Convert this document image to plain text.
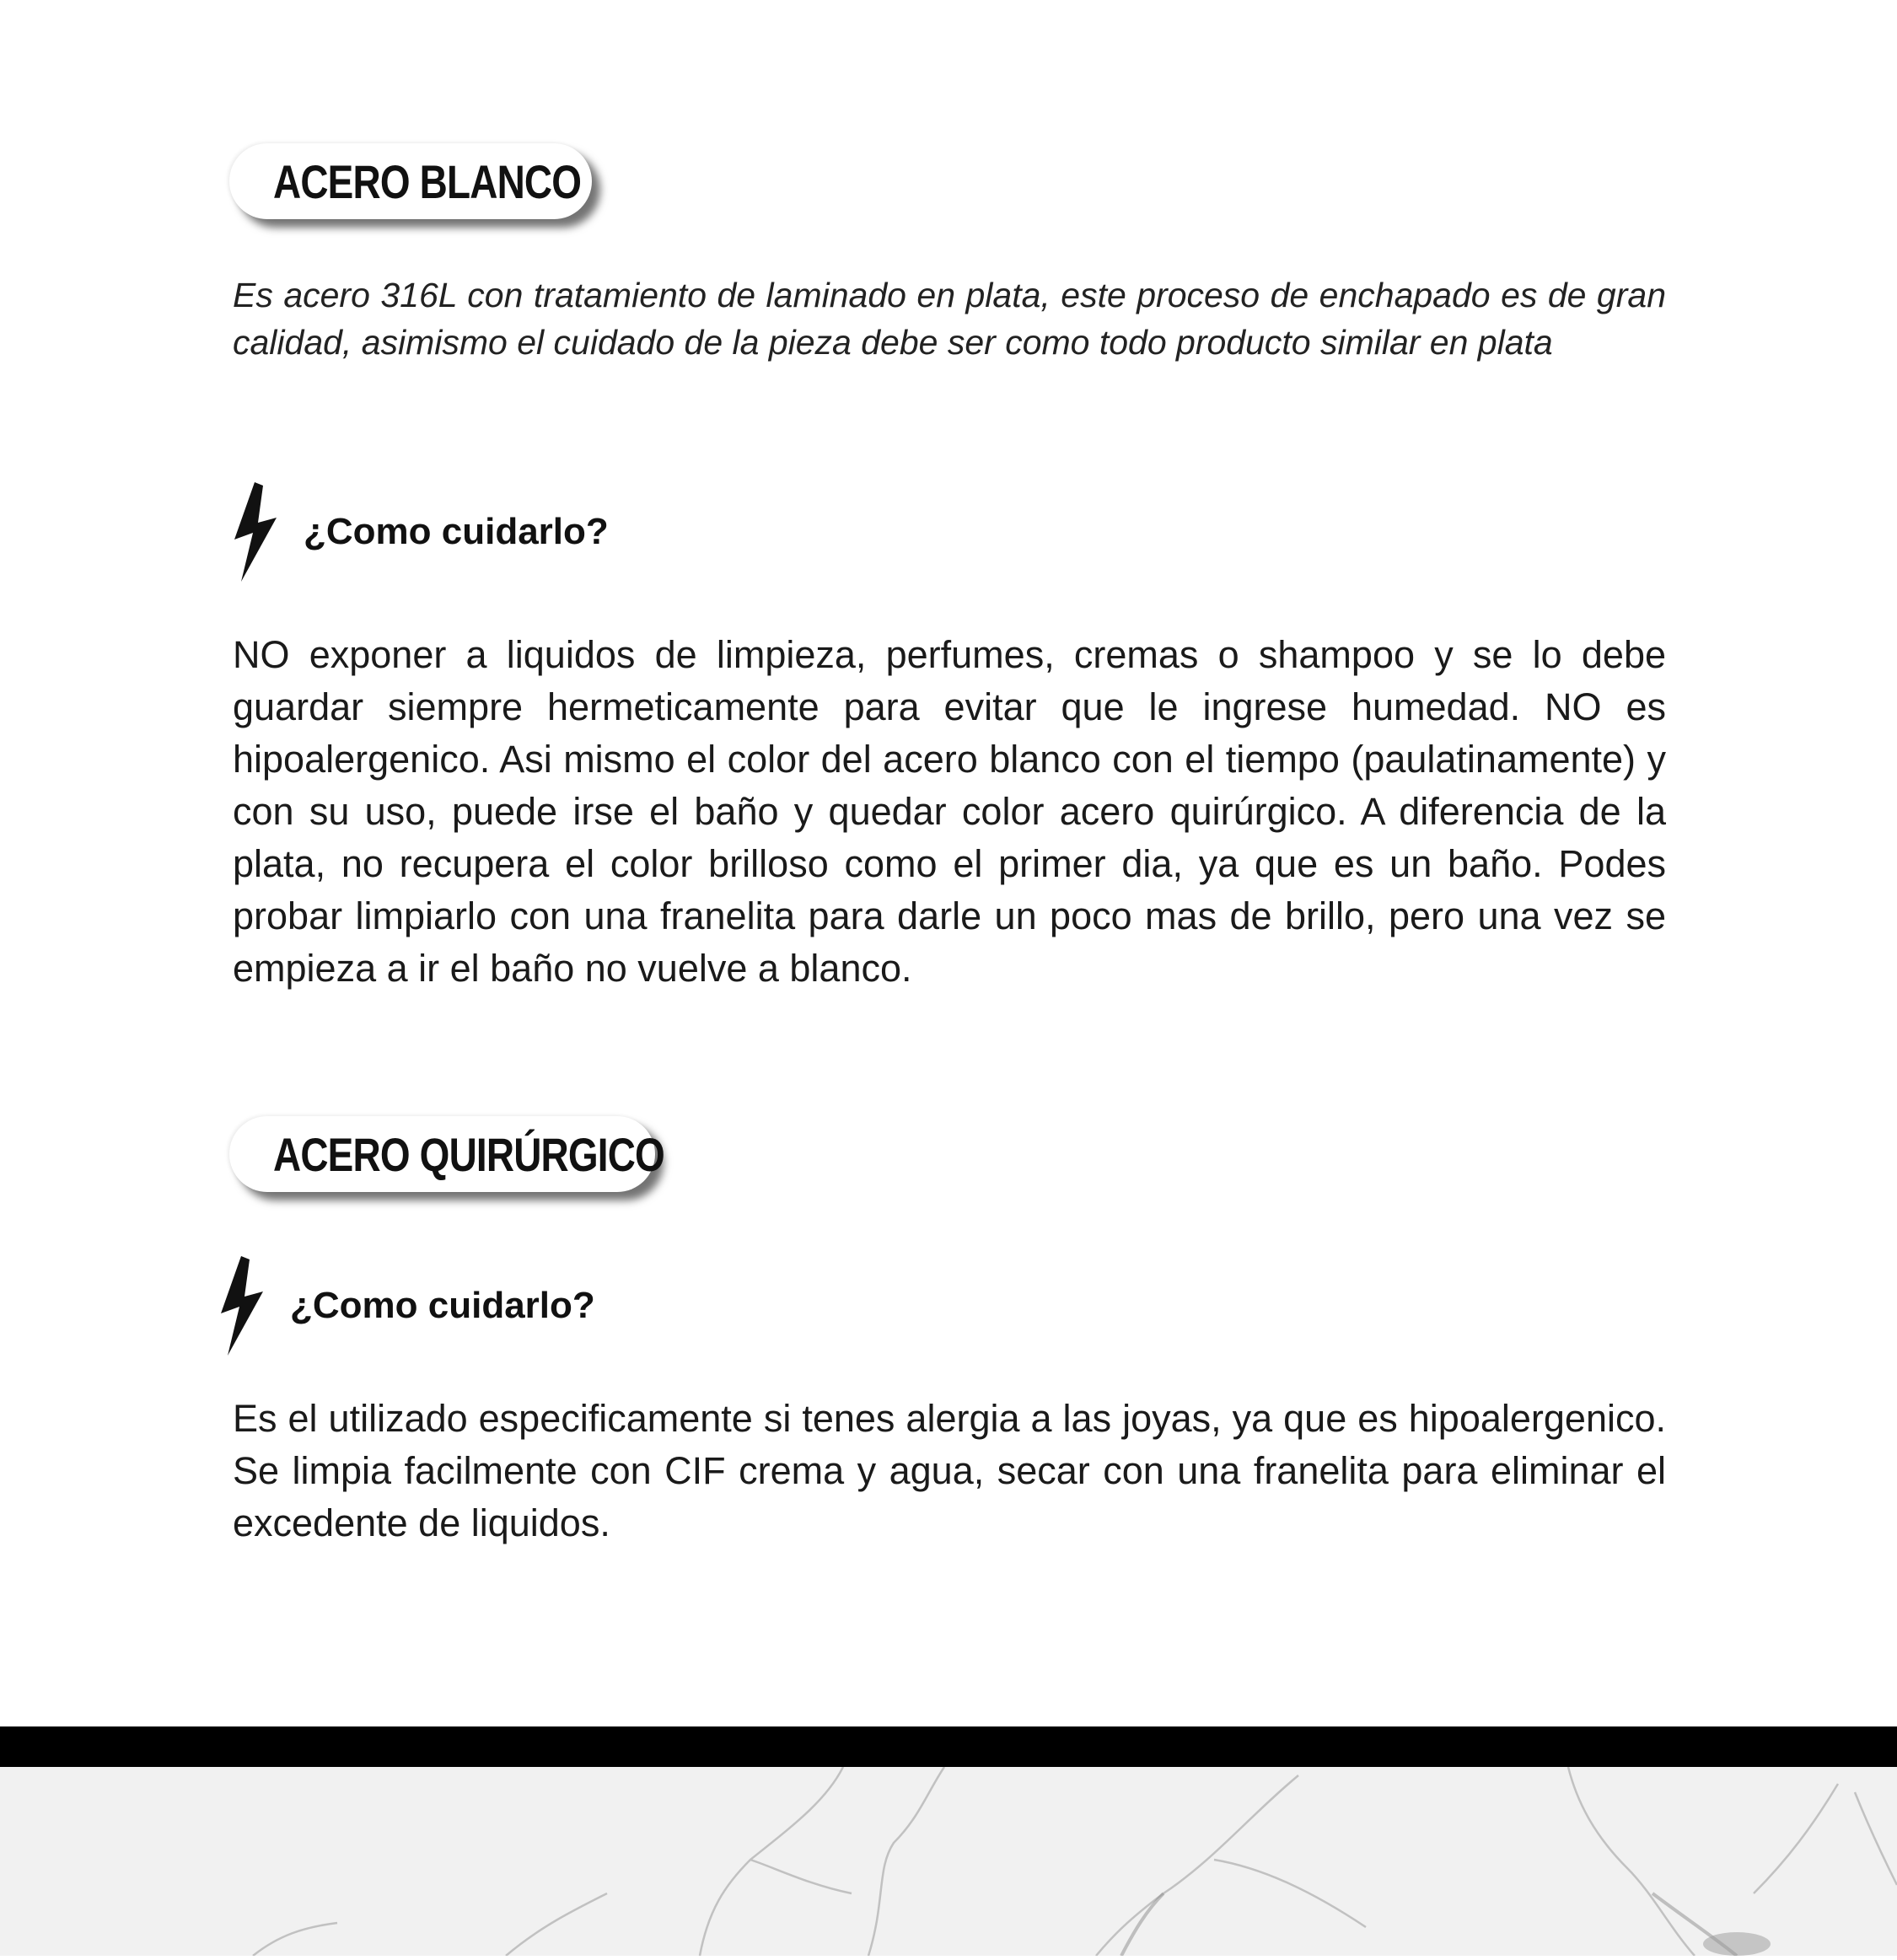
ACERO BLANCO

Es acero 316L con tratamiento de laminado en plata, este proceso de enchapado es de gran calidad, asimismo el cuidado de la pieza debe ser como todo producto similar en plata

¿Como cuidarlo?

NO exponer a liquidos de limpieza, perfumes, cremas o shampoo y se lo debe guardar siempre hermeticamente para evitar que le ingrese humedad. NO es hipoalergenico. Asi mismo el color del acero blanco con el tiempo (paulatinamente) y con su uso, puede irse el baño y quedar color acero quirúrgico. A diferencia de la plata, no recupera el color brilloso como el primer dia, ya que es un baño. Podes probar limpiarlo con una franelita para darle un poco mas de brillo, pero una vez se empieza a ir el baño no vuelve a blanco.

ACERO QUIRÚRGICO
¿Como cuidarlo?

Es el utilizado especificamente si tenes alergia a las joyas, ya que es hipoalergenico. Se limpia facilmente con CIF crema y agua, secar con una franelita para eliminar el excedente de liquidos.
